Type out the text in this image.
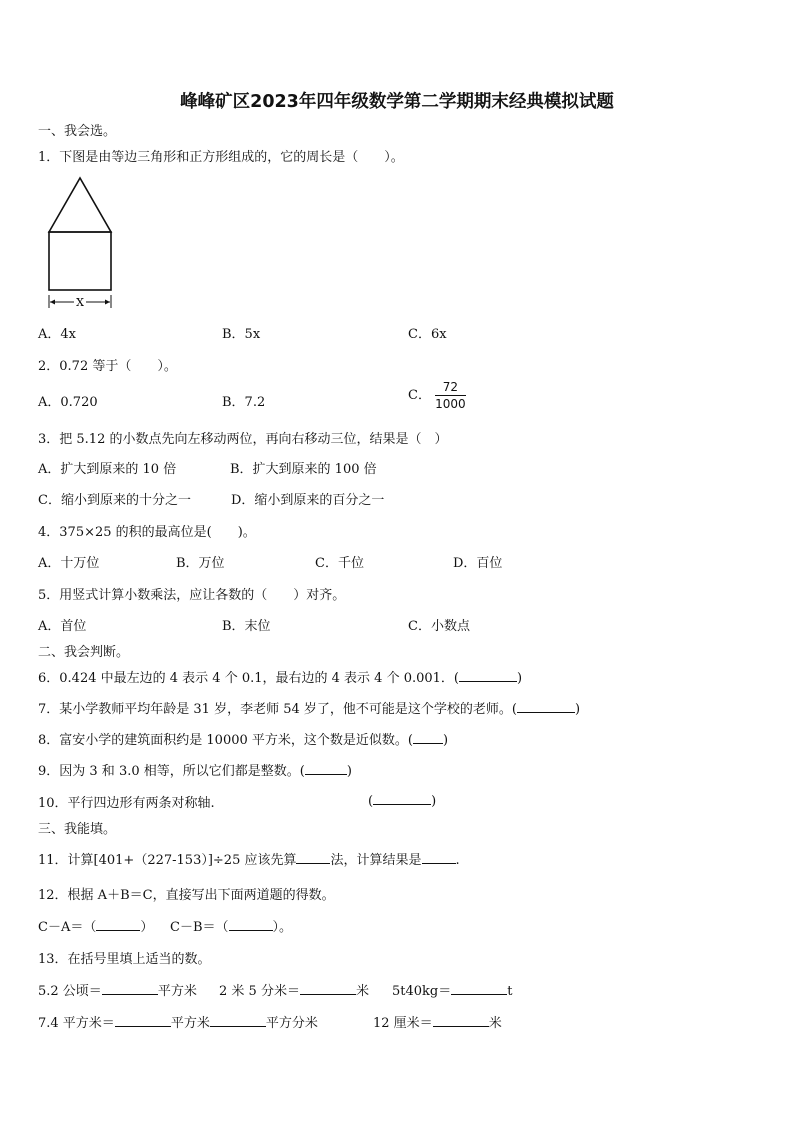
峰峰矿区2023年四年级数学第二学期期末经典模拟试题
一、我会选。
1．下图是由等边三角形和正方形组成的，它的周长是（　　）。
X
A．4x	B．5x	C．6x
2．0.72 等于（　　）。
A．0.720	B．7.2	C． $\frac{72}{1000}$
3．把 5.12 的小数点先向左移动两位，再向右移动三位，结果是（　）
A．扩大到原来的 10 倍	B．扩大到原来的 100 倍
C．缩小到原来的十分之一	D．缩小到原来的百分之一
4．375×25 的积的最高位是(　　)。
A．十万位	B．万位	C．千位	D．百位
5．用竖式计算小数乘法，应让各数的（　　）对齐。
A．首位	B．末位	C．小数点
二、我会判断。
6．0.424 中最左边的 4 表示 4 个 0.1，最右边的 4 表示 4 个 0.001．(	)
7．某小学教师平均年龄是 31 岁，李老师 54 岁了，他不可能是这个学校的老师。(	)
8．富安小学的建筑面积约是 10000 平方米，这个数是近似数。( )
9．因为 3 和 3.0 相等，所以它们都是整数。(	)
10．平行四边形有两条对称轴.	(	)
三、我能填。
11．计算[401+（227-153）]÷25 应该先算	法，计算结果是	.
12．根据 A＋B＝C，直接写出下面两道题的得数。
C－A＝（	） C－B＝（	）。
13．在括号里填上适当的数。
5.2 公顷＝	平方米 2 米 5 分米＝	米 5t40kg＝	t
7.4 平方米＝	平方米	平方分米	12 厘米＝	米
